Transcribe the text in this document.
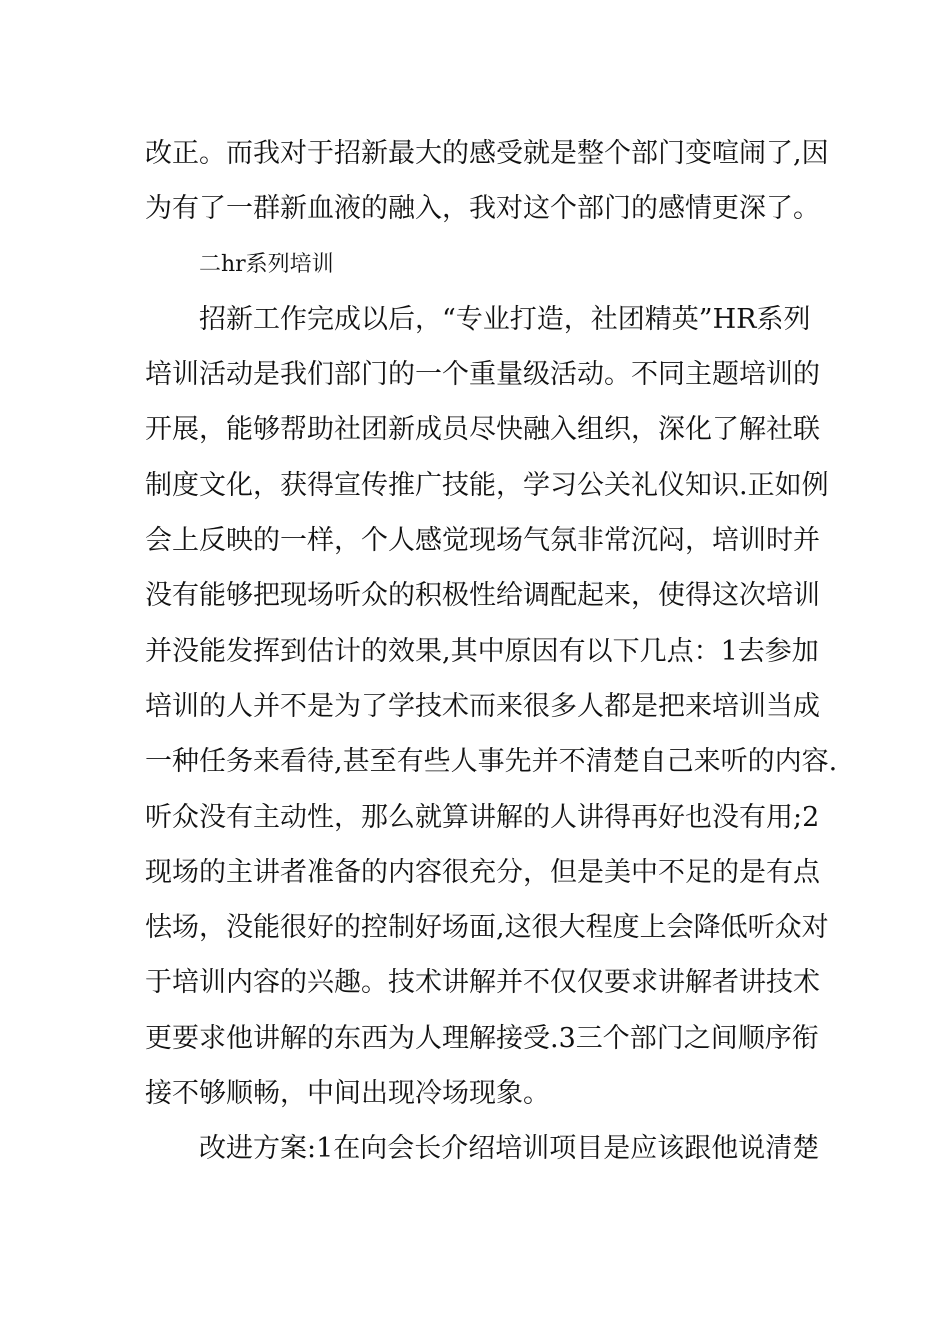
改正。而我对于招新最大的感受就是整个部门变喧闹了,因
为有了一群新血液的融入，我对这个部门的感情更深了。
二hr系列培训
招新工作完成以后，“专业打造，社团精英”HR系列
培训活动是我们部门的一个重量级活动。不同主题培训的
开展，能够帮助社团新成员尽快融入组织，深化了解社联
制度文化，获得宣传推广技能，学习公关礼仪知识.正如例
会上反映的一样，个人感觉现场气氛非常沉闷，培训时并
没有能够把现场听众的积极性给调配起来，使得这次培训
并没能发挥到估计的效果,其中原因有以下几点：1去参加
培训的人并不是为了学技术而来很多人都是把来培训当成
一种任务来看待,甚至有些人事先并不清楚自己来听的内容.
听众没有主动性，那么就算讲解的人讲得再好也没有用;2
现场的主讲者准备的内容很充分，但是美中不足的是有点
怯场，没能很好的控制好场面,这很大程度上会降低听众对
于培训内容的兴趣。技术讲解并不仅仅要求讲解者讲技术
更要求他讲解的东西为人理解接受.3三个部门之间顺序衔
接不够顺畅，中间出现冷场现象。
改进方案:1在向会长介绍培训项目是应该跟他说清楚
